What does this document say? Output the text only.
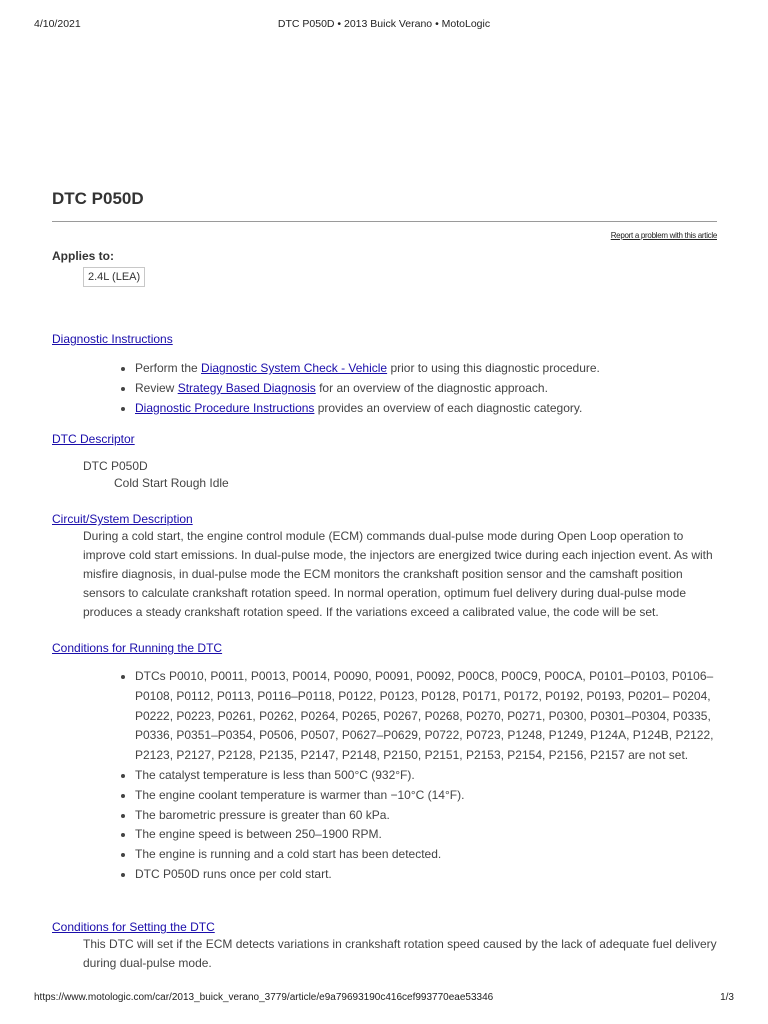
4/10/2021	DTC P050D • 2013 Buick Verano • MotoLogic
DTC P050D
Report a problem with this article
Applies to:
2.4L (LEA)
Diagnostic Instructions
• Perform the Diagnostic System Check - Vehicle prior to using this diagnostic procedure.
• Review Strategy Based Diagnosis for an overview of the diagnostic approach.
• Diagnostic Procedure Instructions provides an overview of each diagnostic category.
DTC Descriptor
DTC P050D
Cold Start Rough Idle
Circuit/System Description

During a cold start, the engine control module (ECM) commands dual-pulse mode during Open Loop operation to improve cold start emissions. In dual-pulse mode, the injectors are energized twice during each injection event. As with misfire diagnosis, in dual-pulse mode the ECM monitors the crankshaft position sensor and the camshaft position sensors to calculate crankshaft rotation speed. In normal operation, optimum fuel delivery during dual-pulse mode produces a steady crankshaft rotation speed. If the variations exceed a calibrated value, the code will be set.

Conditions for Running the DTC
• DTCs P0010, P0011, P0013, P0014, P0090, P0091, P0092, P00C8, P00C9, P00CA, P0101–P0103, P0106–P0108, P0112, P0113, P0116–P0118, P0122, P0123, P0128, P0171, P0172, P0192, P0193, P0201– P0204, P0222, P0223, P0261, P0262, P0264, P0265, P0267, P0268, P0270, P0271, P0300, P0301–P0304, P0335, P0336, P0351–P0354, P0506, P0507, P0627–P0629, P0722, P0723, P1248, P1249, P124A, P124B, P2122, P2123, P2127, P2128, P2135, P2147, P2148, P2150, P2151, P2153, P2154, P2156, P2157 are not set.
• The catalyst temperature is less than 500°C (932°F).
• The engine coolant temperature is warmer than −10°C (14°F).
• The barometric pressure is greater than 60 kPa.
• The engine speed is between 250–1900 RPM.
• The engine is running and a cold start has been detected.
• DTC P050D runs once per cold start.
Conditions for Setting the DTC

This DTC will set if the ECM detects variations in crankshaft rotation speed caused by the lack of adequate fuel delivery during dual-pulse mode.

https://www.motologic.com/car/2013_buick_verano_3779/article/e9a79693190c416cef993770eae53346	1/3
